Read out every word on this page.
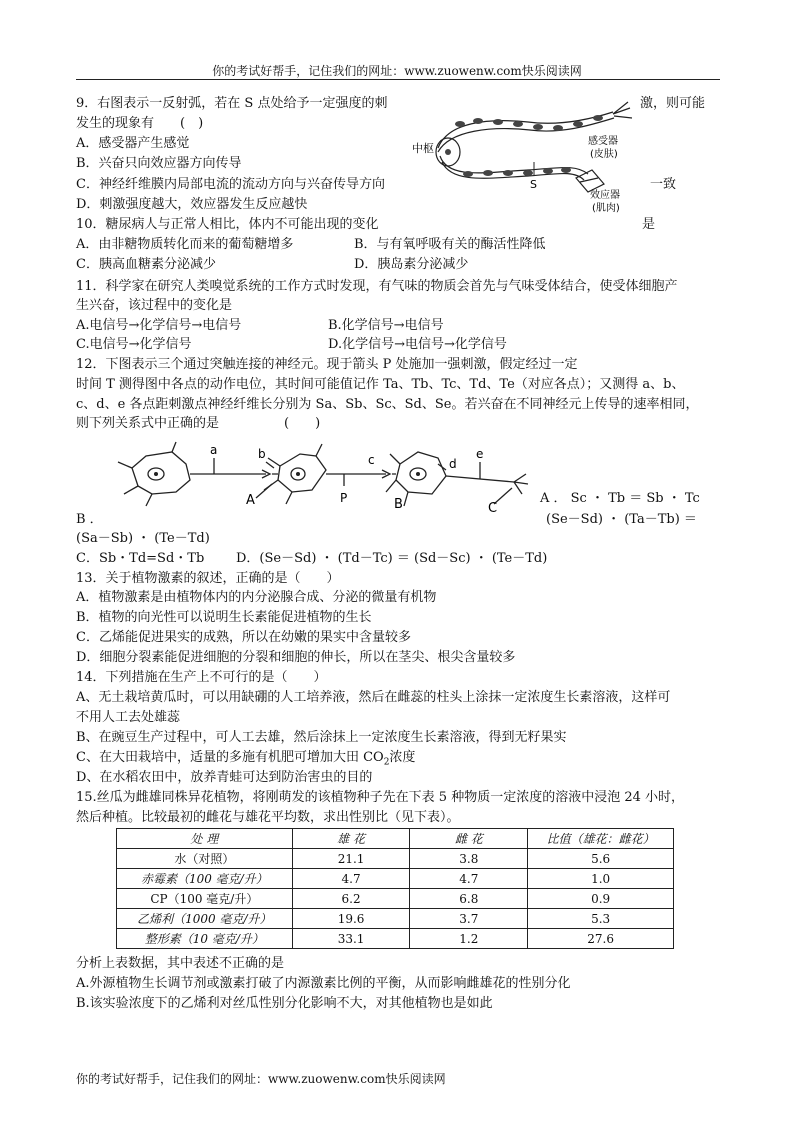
你的考试好帮手，记住我们的网址：www.zuowenw.com快乐阅读网
9．右图表示一反射弧，若在 S 点处给予一定强度的刺	激，则可能
发生的现象有　　(　)
A．感受器产生感觉
B．兴奋只向效应器方向传导
C．神经纤维膜内局部电流的流动方向与兴奋传导方向	一致
D．刺激强度越大，效应器发生反应越快
中枢
感受器
(皮肤)
S
效应器
(肌肉)
10．糖尿病人与正常人相比，体内不可能出现的变化	是
A．由非糖物质转化而来的葡萄糖增多	B．与有氧呼吸有关的酶活性降低
C．胰高血糖素分泌减少	D．胰岛素分泌减少
11．科学家在研究人类嗅觉系统的工作方式时发现，有气味的物质会首先与气味受体结合，使受体细胞产
生兴奋，该过程中的变化是
A.电信号→化学信号→电信号	B.化学信号→电信号
C.电信号→化学信号	D.化学信号→电信号→化学信号
12．下图表示三个通过突触连接的神经元。现于箭头 P 处施加一强刺激，假定经过一定
时间 T 测得图中各点的动作电位，其时间可能值记作 Ta、Tb、Tc、Td、Te（对应各点）；又测得 a、b、
c、d、e 各点距刺激点神经纤维长分别为 Sa、Sb、Sc、Sd、Se。若兴奋在不同神经元上传导的速率相同，
则下列关系式中正确的是　　　　　(　　)
a	b	c	d
e
A	P	B	C
A ． Sc ・ Tb ＝ Sb ・ Tc
B ．	(Se－Sd) ・ (Ta－Tb) ＝
(Sa－Sb) ・ (Te－Td)
C．Sb・Td=Sd・Tb D．(Se－Sd) ・ (Td－Tc) ＝ (Sd－Sc) ・ (Te－Td)
13．关于植物激素的叙述，正确的是（　　）
A．植物激素是由植物体内的内分泌腺合成、分泌的微量有机物
B．植物的向光性可以说明生长素能促进植物的生长
C．乙烯能促进果实的成熟，所以在幼嫩的果实中含量较多
D．细胞分裂素能促进细胞的分裂和细胞的伸长，所以在茎尖、根尖含量较多
14．下列措施在生产上不可行的是（　　）
A、无土栽培黄瓜时，可以用缺硼的人工培养液，然后在雌蕊的柱头上涂抹一定浓度生长素溶液，这样可
不用人工去处雄蕊
B、在豌豆生产过程中，可人工去雄，然后涂抹上一定浓度生长素溶液，得到无籽果实
C、在大田栽培中，适量的多施有机肥可增加大田 $CO_2$浓度
D、在水稻农田中，放养青蛙可达到防治害虫的目的
15.丝瓜为雌雄同株异花植物，将刚萌发的该植物种子先在下表 5 种物质一定浓度的溶液中浸泡 24 小时，
然后种植。比较最初的雌花与雄花平均数，求出性别比（见下表）。
处 理	雄 花	雌 花	比值（雄花：雌花）
水（对照）	21.1	3.8	5.6
赤霉素（100 毫克/升）	4.7	4.7	1.0
CP（100 毫克/升）	6.2	6.8	0.9
乙烯利（1000 毫克/升）	19.6	3.7	5.3
整形素（10 毫克/升）	33.1	1.2	27.6
分析上表数据，其中表述不正确的是
A.外源植物生长调节剂或激素打破了内源激素比例的平衡，从而影响雌雄花的性别分化
B.该实验浓度下的乙烯利对丝瓜性别分化影响不大，对其他植物也是如此
你的考试好帮手，记住我们的网址：www.zuowenw.com快乐阅读网
